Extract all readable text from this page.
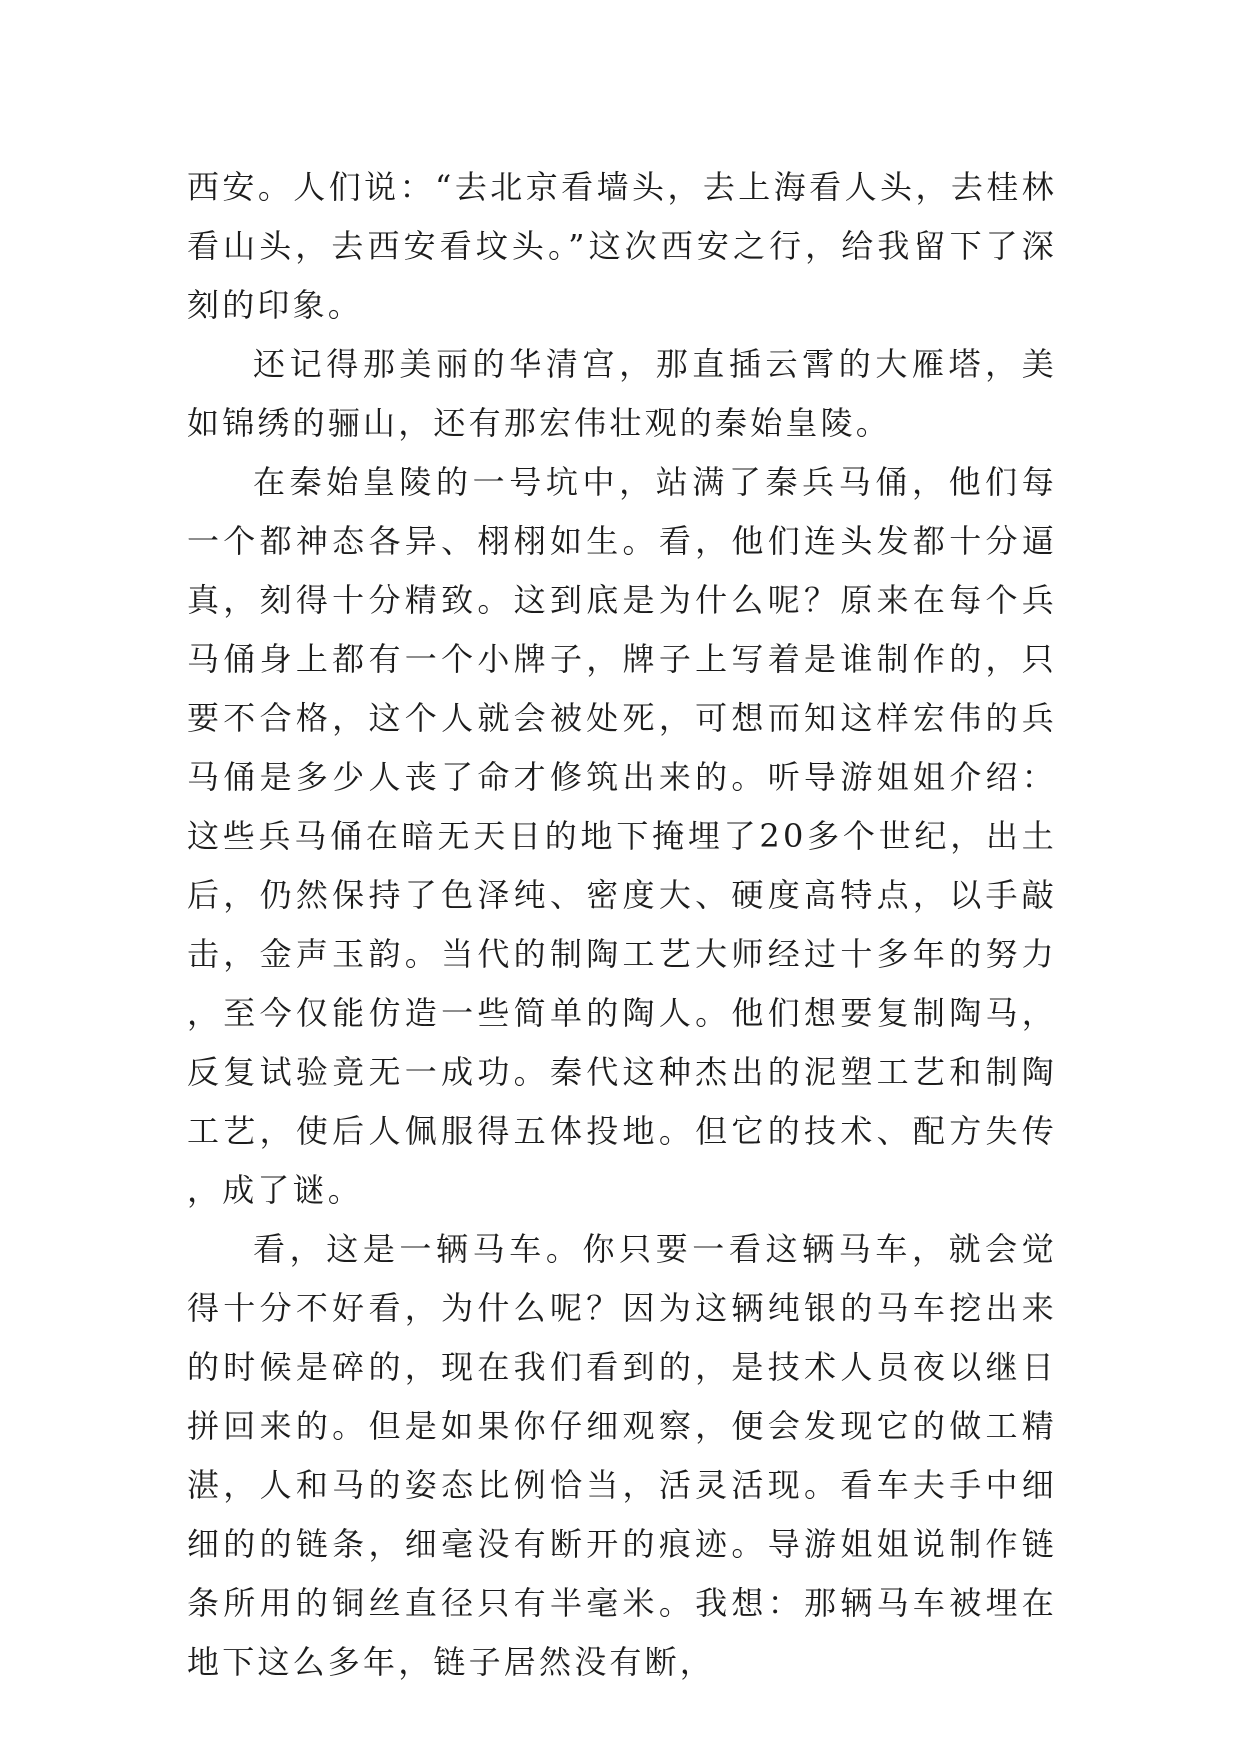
西安。人们说：“去北京看墙头，去上海看人头，去桂林看山头，去西安看坟头。”这次西安之行，给我留下了深刻的印象。

还记得那美丽的华清宫，那直插云霄的大雁塔，美如锦绣的骊山，还有那宏伟壮观的秦始皇陵。

在秦始皇陵的一号坑中，站满了秦兵马俑，他们每一个都神态各异、栩栩如生。看，他们连头发都十分逼真，刻得十分精致。这到底是为什么呢？原来在每个兵马俑身上都有一个小牌子，牌子上写着是谁制作的，只要不合格，这个人就会被处死，可想而知这样宏伟的兵马俑是多少人丧了命才修筑出来的。听导游姐姐介绍：这些兵马俑在暗无天日的地下掩埋了20多个世纪，出土后，仍然保持了色泽纯、密度大、硬度高特点，以手敲击，金声玉韵。当代的制陶工艺大师经过十多年的努力，至今仅能仿造一些简单的陶人。他们想要复制陶马，反复试验竟无一成功。秦代这种杰出的泥塑工艺和制陶工艺，使后人佩服得五体投地。但它的技术、配方失传，成了谜。

看，这是一辆马车。你只要一看这辆马车，就会觉得十分不好看，为什么呢？因为这辆纯银的马车挖出来的时候是碎的，现在我们看到的，是技术人员夜以继日拼回来的。但是如果你仔细观察，便会发现它的做工精湛，人和马的姿态比例恰当，活灵活现。看车夫手中细细的的链条，细毫没有断开的痕迹。导游姐姐说制作链条所用的铜丝直径只有半毫米。我想：那辆马车被埋在地下这么多年，链子居然没有断，
